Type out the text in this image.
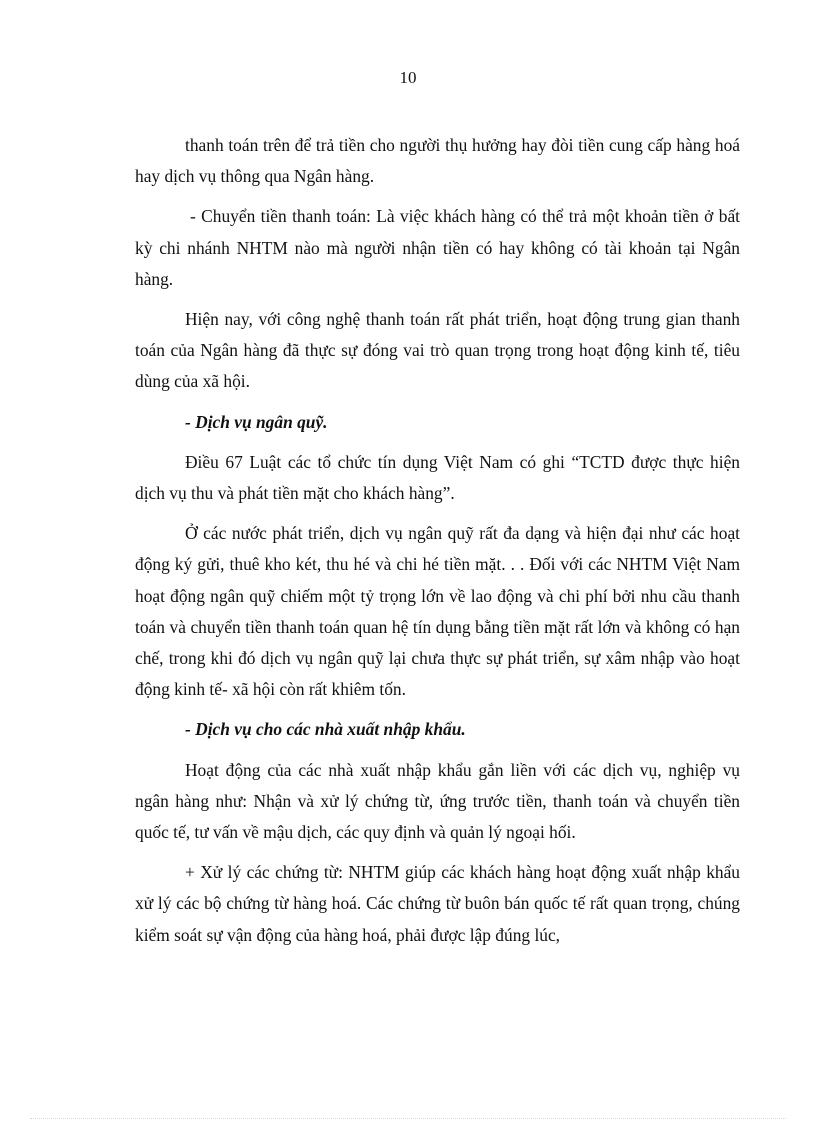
10

thanh toán trên để trả tiền cho người thụ hưởng hay đòi tiền cung cấp hàng hoá hay dịch vụ thông qua Ngân hàng.

- Chuyển tiền thanh toán: Là việc khách hàng có thể trả một khoản tiền ở bất kỳ chi nhánh NHTM nào mà người nhận tiền có hay không có tài khoản tại Ngân hàng.

Hiện nay, với công nghệ thanh toán rất phát triển, hoạt động trung gian thanh toán của Ngân hàng đã thực sự đóng vai trò quan trọng trong hoạt động kinh tế, tiêu dùng của xã hội.

- Dịch vụ ngân quỹ.

Điều 67 Luật các tổ chức tín dụng Việt Nam có ghi “TCTD được thực hiện dịch vụ thu và phát tiền mặt cho khách hàng”.

Ở các nước phát triển, dịch vụ ngân quỹ rất đa dạng và hiện đại như các hoạt động ký gửi, thuê kho két, thu hé và chi hé tiền mặt. . . Đối với các NHTM Việt Nam hoạt động ngân quỹ chiếm một tỷ trọng lớn về lao động và chi phí bởi nhu cầu thanh toán và chuyển tiền thanh toán quan hệ tín dụng bằng tiền mặt rất lớn và không có hạn chế, trong khi đó dịch vụ ngân quỹ lại chưa thực sự phát triển, sự xâm nhập vào hoạt động kinh tế- xã hội còn rất khiêm tốn.

- Dịch vụ cho các nhà xuất nhập khẩu.

Hoạt động của các nhà xuất nhập khẩu gắn liền với các dịch vụ, nghiệp vụ ngân hàng như: Nhận và xử lý chứng từ, ứng trước tiền, thanh toán và chuyển tiền quốc tế, tư vấn về mậu dịch, các quy định và quản lý ngoại hối.

+ Xử lý các chứng từ: NHTM giúp các khách hàng hoạt động xuất nhập khẩu xử lý các bộ chứng từ hàng hoá. Các chứng từ buôn bán quốc tế rất quan trọng, chúng kiểm soát sự vận động của hàng hoá, phải được lập đúng lúc,
